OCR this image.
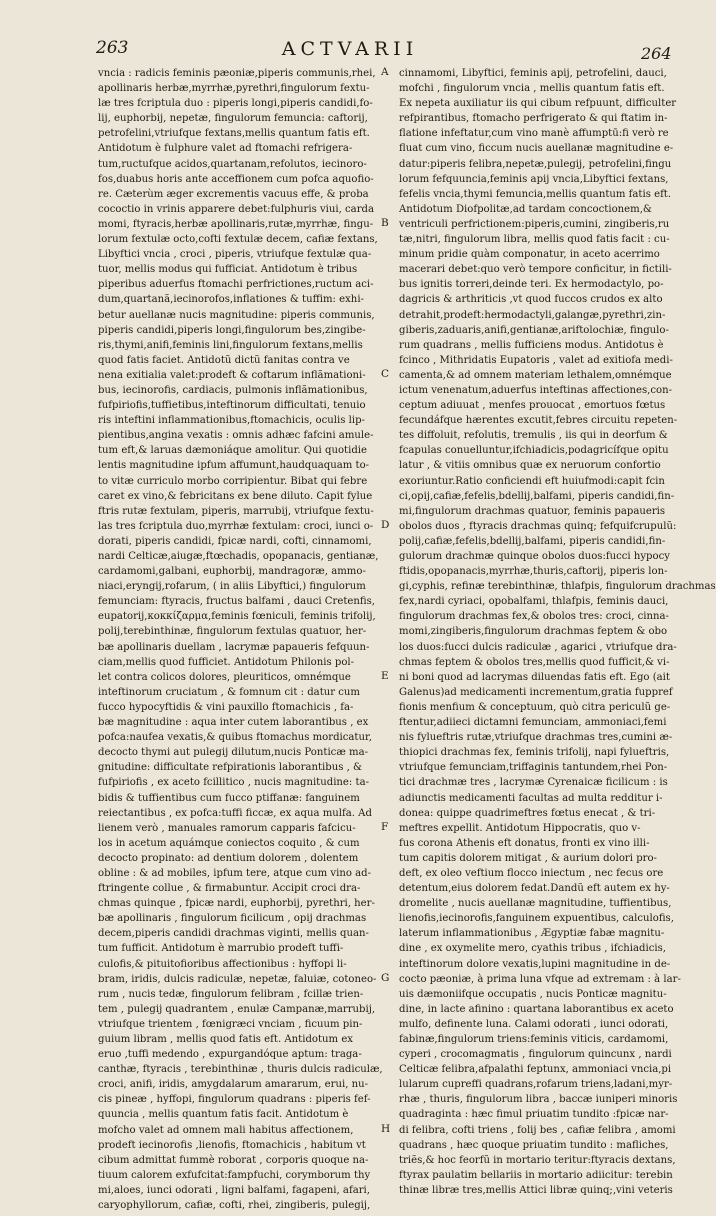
263	ACTVARII	264
vncia : radicis feminis pæoniæ,piperis communis,rhei,
apollinaris herbæ,myrrhæ,pyrethri,fingulorum fextu-
læ tres fcriptula duo : piperis longi,piperis candidi,fo-
lij, euphorbij, nepetæ, fingulorum femuncia: caftorij,
petrofelini,vtriufque fextans,mellis quantum fatis eft.
Antidotum è fulphure valet ad ftomachi refrigera-
tum,ructufque acidos,quartanam,refolutos, iecinoro-
fos,duabus horis ante acceffionem cum pofca aquofio-
re. Cæterùm æger excrementis vacuus effe, & proba
cococtio in vrinis apparere debet:fulphuris viui, carda
momi, ftyracis,herbæ apollinaris,rutæ,myrrhæ, fingu-
lorum fextulæ octo,cofti fextulæ decem, cafiæ fextans,
Libyftici vncia , croci , piperis, vtriufque fextulæ qua-
tuor, mellis modus qui fufficiat. Antidotum è tribus
piperibus aduerfus ftomachi perfrictiones,ructum aci-
dum,quartanã,iecinorofos,inflationes & tuffim: exhi-
betur auellanæ nucis magnitudine: piperis communis,
piperis candidi,piperis longi,fingulorum bes,zingibe-
ris,thymi,anifi,feminis lini,fingulorum fextans,mellis
quod fatis faciet. Antidotũ dictũ fanitas contra ve
nena exitialia valet:prodeft & coftarum inflãmationi-
bus, iecinorofis, cardiacis, pulmonis inflãmationibus,
fufpiriofis,tuffietibus,inteftinorum difficultati, tenuio
ris inteftini inflammationibus,ftomachicis, oculis lip-
pientibus,angina vexatis : omnis adhæc fafcini amule-
tum eft,& laruas dæmoniáque amolitur. Qui quotidie
lentis magnitudine ipfum affumunt,haudquaquam to-
to vitæ curriculo morbo corripientur. Bibat qui febre
caret ex vino,& febricitans ex bene diluto. Capit fylue
ftris rutæ fextulam, piperis, marrubij, vtriufque fextu-
las tres fcriptula duo,myrrhæ fextulam: croci, iunci o-
dorati, piperis candidi, fpicæ nardi, cofti, cinnamomi,
nardi Celticæ,aiugæ,ftœchadis, opopanacis, gentianæ,
cardamomi,galbani, euphorbij, mandragoræ, ammo-
niaci,eryngij,rofarum, ( in aliis Libyftici,) fingulorum
femunciam: ftyracis, fructus balfami , dauci Cretenfis,
eupatorij,κοκκίζαρμα,feminis fœniculi, feminis trifolij,
polij,terebinthinæ, fingulorum fextulas quatuor, her-
bæ apollinaris duellam , lacrymæ papaueris fefquun-
ciam,mellis quod fufficiet. Antidotum Philonis pol-
let contra colicos dolores, pleuriticos, omnémque
inteftinorum cruciatum , & fomnum cit : datur cum
fucco hypocyftidis & vini pauxillo ftomachicis , fa-
bæ magnitudine : aqua inter cutem laborantibus , ex
pofca:naufea vexatis,& quibus ftomachus mordicatur,
decocto thymi aut pulegij dilutum,nucis Ponticæ ma-
gnitudine: difficultate refpirationis laborantibus , &
fufpiriofis , ex aceto fcillitico , nucis magnitudine: ta-
bidis & tuffientibus cum fucco ptiffanæ: fanguinem
reiectantibus , ex pofca:tuffi ficcæ, ex aqua mulfa. Ad
lienem verò , manuales ramorum capparis fafcicu-
los in acetum aquámque coniectos coquito , & cum
decocto propinato: ad dentium dolorem , dolentem
obline : & ad mobiles, ipfum tere, atque cum vino ad-
ftringente collue , & firmabuntur. Accipit croci dra-
chmas quinque , fpicæ nardi, euphorbij, pyrethri, her-
bæ apollinaris , fingulorum ficilicum , opij drachmas
decem,piperis candidi drachmas viginti, mellis quan-
tum fufficit. Antidotum è marrubio prodeft tuffi-
culofis,& pituitofioribus affectionibus : hyffopi li-
bram, iridis, dulcis radiculæ, nepetæ, faluiæ, cotoneo-
rum , nucis tedæ, fingulorum felibram , fcillæ trien-
tem , pulegij quadrantem , enulæ Campanæ,marrubij,
vtriufque trientem , fœnigræci vnciam , ficuum pin-
guium libram , mellis quod fatis eft. Antidotum ex
eruo ,tuffi medendo , expurgandóque aptum: traga-
canthæ, ftyracis , terebinthinæ , thuris dulcis radiculæ,
croci, anifi, iridis, amygdalarum amararum, erui, nu-
cis pineæ , hyffopi, fingulorum quadrans : piperis fef-
quuncia , mellis quantum fatis facit. Antidotum è
mofcho valet ad omnem mali habitus affectionem,
prodeft iecinorofis ,lienofis, ftomachicis , habitum vt
cibum admittat fummè roborat , corporis quoque na-
tiuum calorem exfufcitat:fampfuchi, corymborum thy
mi,aloes, iunci odorati , ligni balfami, fagapeni, afari,
caryophyllorum, cafiæ, cofti, rhei, zingiberis, pulegij,
A
B
C
D
E
F
G
H
cinnamomi, Libyftici, feminis apij, petrofelini, dauci,
mofchi , fingulorum vncia , mellis quantum fatis eft.
Ex nepeta auxiliatur iis qui cibum refpuunt, difficulter
refpirantibus, ftomacho perfrigerato & qui ftatim in-
flatione infeftatur,cum vino manè affumptū:fi verò re
fluat cum vino, ficcum nucis auellanæ magnitudine e-
datur:piperis felibra,nepetæ,pulegij, petrofelini,fingu
lorum fefquuncia,feminis apij vncia,Libyftici fextans,
fefelis vncia,thymi femuncia,mellis quantum fatis eft.
Antidotum Diofpolitæ,ad tardam concoctionem,&
ventriculi perfrictionem:piperis,cumini, zingiberis,ru
tæ,nitri, fingulorum libra, mellis quod fatis facit : cu-
minum pridie quàm componatur, in aceto acerrimo
macerari debet:quo verò tempore conficitur, in fictili-
bus ignitis torreri,deinde teri. Ex hermodactylo, po-
dagricis & arthriticis ,vt quod fuccos crudos ex alto
detrahit,prodeft:hermodactyli,galangæ,pyrethri,zin-
giberis,zaduaris,anifi,gentianæ,ariftolochiæ, fingulo-
rum quadrans , mellis fufficiens modus. Antidotus è
fcinco , Mithridatis Eupatoris , valet ad exitiofa medi-
camenta,& ad omnem materiam lethalem,omnémque
ictum venenatum,aduerfus inteftinas affectiones,con-
ceptum adiuuat , menfes prouocat , emortuos fœtus
fecundáfque hærentes excutit,febres circuitu repeten-
tes diffoluit, refolutis, tremulis , iis qui in deorfum &
fcapulas conuelluntur,ifchiadicis,podagricífque opitu
latur , & vitiis omnibus quæ ex neruorum confortio
exoriuntur.Ratio conficiendi eft huiufmodi:capit fcin
ci,opij,cafiæ,fefelis,bdellij,balfami, piperis candidi,fin-
mi,fingulorum drachmas quatuor, feminis papaueris
obolos duos , ftyracis drachmas quinq; fefquifcrupulũ:
polij,cafiæ,fefelis,bdellij,balfami, piperis candidi,fin-
gulorum drachmæ quinque obolos duos:fucci hypocy
ftidis,opopanacis,myrrhæ,thuris,caftorij, piperis lon-
gi,cyphis, refinæ terebinthinæ, thlafpis, fingulorum drachmas
fex,nardi cyriaci, opobalfami, thlafpis, feminis dauci,
fingulorum drachmas fex,& obolos tres: croci, cinna-
momi,zingiberis,fingulorum drachmas feptem & obo
los duos:fucci dulcis radiculæ , agarici , vtriufque dra-
chmas feptem & obolos tres,mellis quod fufficit,& vi-
ni boni quod ad lacrymas diluendas fatis eft. Ego (ait
Galenus)ad medicamenti incrementum,gratia fuppref
fionis menfium & conceptuum, quò citra periculũ ge-
ftentur,adiieci dictamni femunciam, ammoniaci,femi
nis fylueftris rutæ,vtriufque drachmas tres,cumini æ-
thiopici drachmas fex, feminis trifolij, napi fylueftris,
vtriufque femunciam,triffaginis tantundem,rhei Pon-
tici drachmæ tres , lacrymæ Cyrenaicæ ficilicum : is
adiunctis medicamenti facultas ad multa redditur i-
donea: quippe quadrimeftres fœtus enecat , & tri-
meftres expellit. Antidotum Hippocratis, quo v-
fus corona Athenis eft donatus, fronti ex vino illi-
tum capitis dolorem mitigat , & aurium dolori pro-
deft, ex oleo veftium flocco iniectum , nec fecus ore
detentum,eius dolorem fedat.Dandũ eft autem ex hy-
dromelite , nucis auellanæ magnitudine, tuffientibus,
lienofis,iecinorofis,fanguinem expuentibus, calculofis,
laterum inflammationibus , Ægyptiæ fabæ magnitu-
dine , ex oxymelite mero, cyathis tribus , ifchiadicis,
inteftinorum dolore vexatis,lupini magnitudine in de-
cocto pæoniæ, à prima luna vfque ad extremam : à lar-
uis dæmoniifque occupatis , nucis Ponticæ magnitu-
dine, in lacte afinino : quartana laborantibus ex aceto
mulfo, definente luna. Calami odorati , iunci odorati,
fabinæ,fingulorum triens:feminis viticis, cardamomi,
cyperi , crocomagmatis , fingulorum quincunx , nardi
Celticæ felibra,afpalathi feptunx, ammoniaci vncia,pi
lularum cupreffi quadrans,rofarum triens,ladani,myr-
rhæ , thuris, fingulorum libra , baccæ iuniperi minoris
quadraginta : hæc fimul priuatim tundito :fpicæ nar-
di felibra, cofti triens , folij bes , cafiæ felibra , amomi
quadrans , hæc quoque priuatim tundito : mafliches,
triẽs,& hoc feorfũ in mortario teritur:ftyracis dextans,
ftyrax paulatim bellariis in mortario adiicitur: terebin
thinæ libræ tres,mellis Attici libræ quinq;,vini veteris
